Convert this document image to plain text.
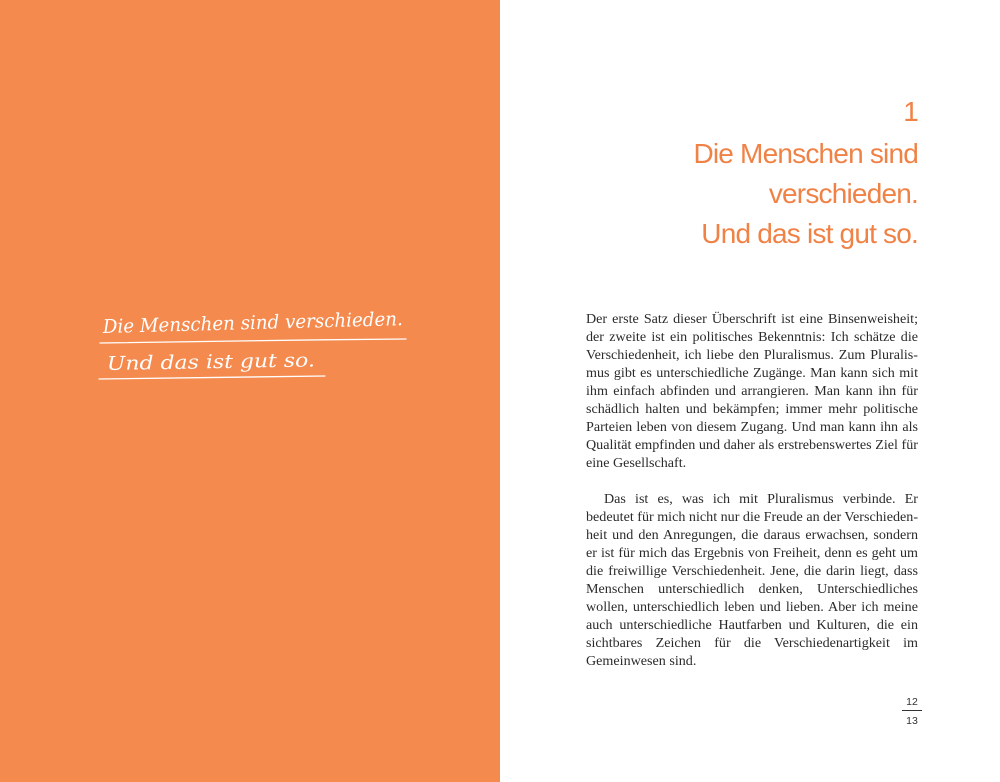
Die Menschen sind verschieden.
Und das ist gut so.
1
Die Menschen sind
verschieden.
Und das ist gut so.

Der erste Satz dieser Überschrift ist eine Binsenweisheit; der zweite ist ein politisches Bekenntnis: Ich schätze die Verschiedenheit, ich liebe den Pluralismus. Zum Pluralismus gibt es unterschiedliche Zugänge. Man kann sich mit ihm einfach abfinden und arrangieren. Man kann ihn für schädlich halten und bekämpfen; immer mehr politische Parteien leben von diesem Zugang. Und man kann ihn als Qualität empfinden und daher als erstrebenswertes Ziel für eine Gesellschaft.

Das ist es, was ich mit Pluralismus verbinde. Er bedeutet für mich nicht nur die Freude an der Verschiedenheit und den Anregungen, die daraus erwachsen, sondern er ist für mich das Ergebnis von Freiheit, denn es geht um die freiwillige Verschiedenheit. Jene, die darin liegt, dass Menschen unterschiedlich denken, Unterschiedliches wollen, unterschiedlich leben und lieben. Aber ich meine auch unterschiedliche Hautfarben und Kulturen, die ein sichtbares Zeichen für die Verschiedenartigkeit im Gemeinwesen sind.

12
13
